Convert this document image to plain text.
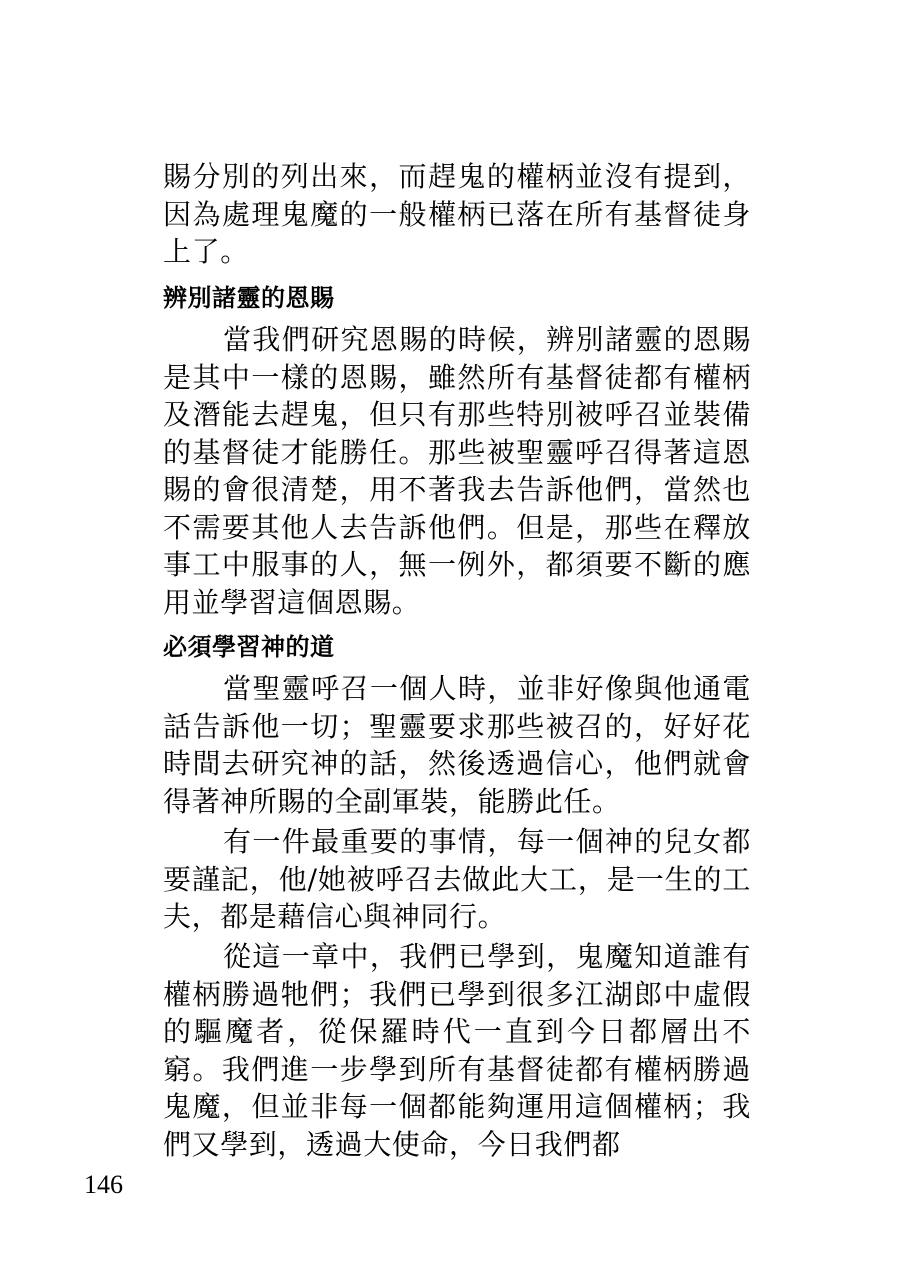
賜分別的列出來，而趕鬼的權柄並沒有提到，因為處理鬼魔的一般權柄已落在所有基督徒身上了。

辨別諸靈的恩賜

當我們研究恩賜的時候，辨別諸靈的恩賜是其中一樣的恩賜，雖然所有基督徒都有權柄及潛能去趕鬼，但只有那些特別被呼召並裝備的基督徒才能勝任。那些被聖靈呼召得著這恩賜的會很清楚，用不著我去告訴他們，當然也不需要其他人去告訴他們。但是，那些在釋放事工中服事的人，無一例外，都須要不斷的應用並學習這個恩賜。

必須學習神的道

當聖靈呼召一個人時，並非好像與他通電話告訴他一切；聖靈要求那些被召的，好好花時間去研究神的話，然後透過信心，他們就會得著神所賜的全副軍裝，能勝此任。

有一件最重要的事情，每一個神的兒女都要謹記，他/她被呼召去做此大工，是一生的工夫，都是藉信心與神同行。

從這一章中，我們已學到，鬼魔知道誰有權柄勝過牠們；我們已學到很多江湖郎中虛假的驅魔者，從保羅時代一直到今日都層出不窮。我們進一步學到所有基督徒都有權柄勝過鬼魔，但並非每一個都能夠運用這個權柄；我們又學到，透過大使命，今日我們都

146
